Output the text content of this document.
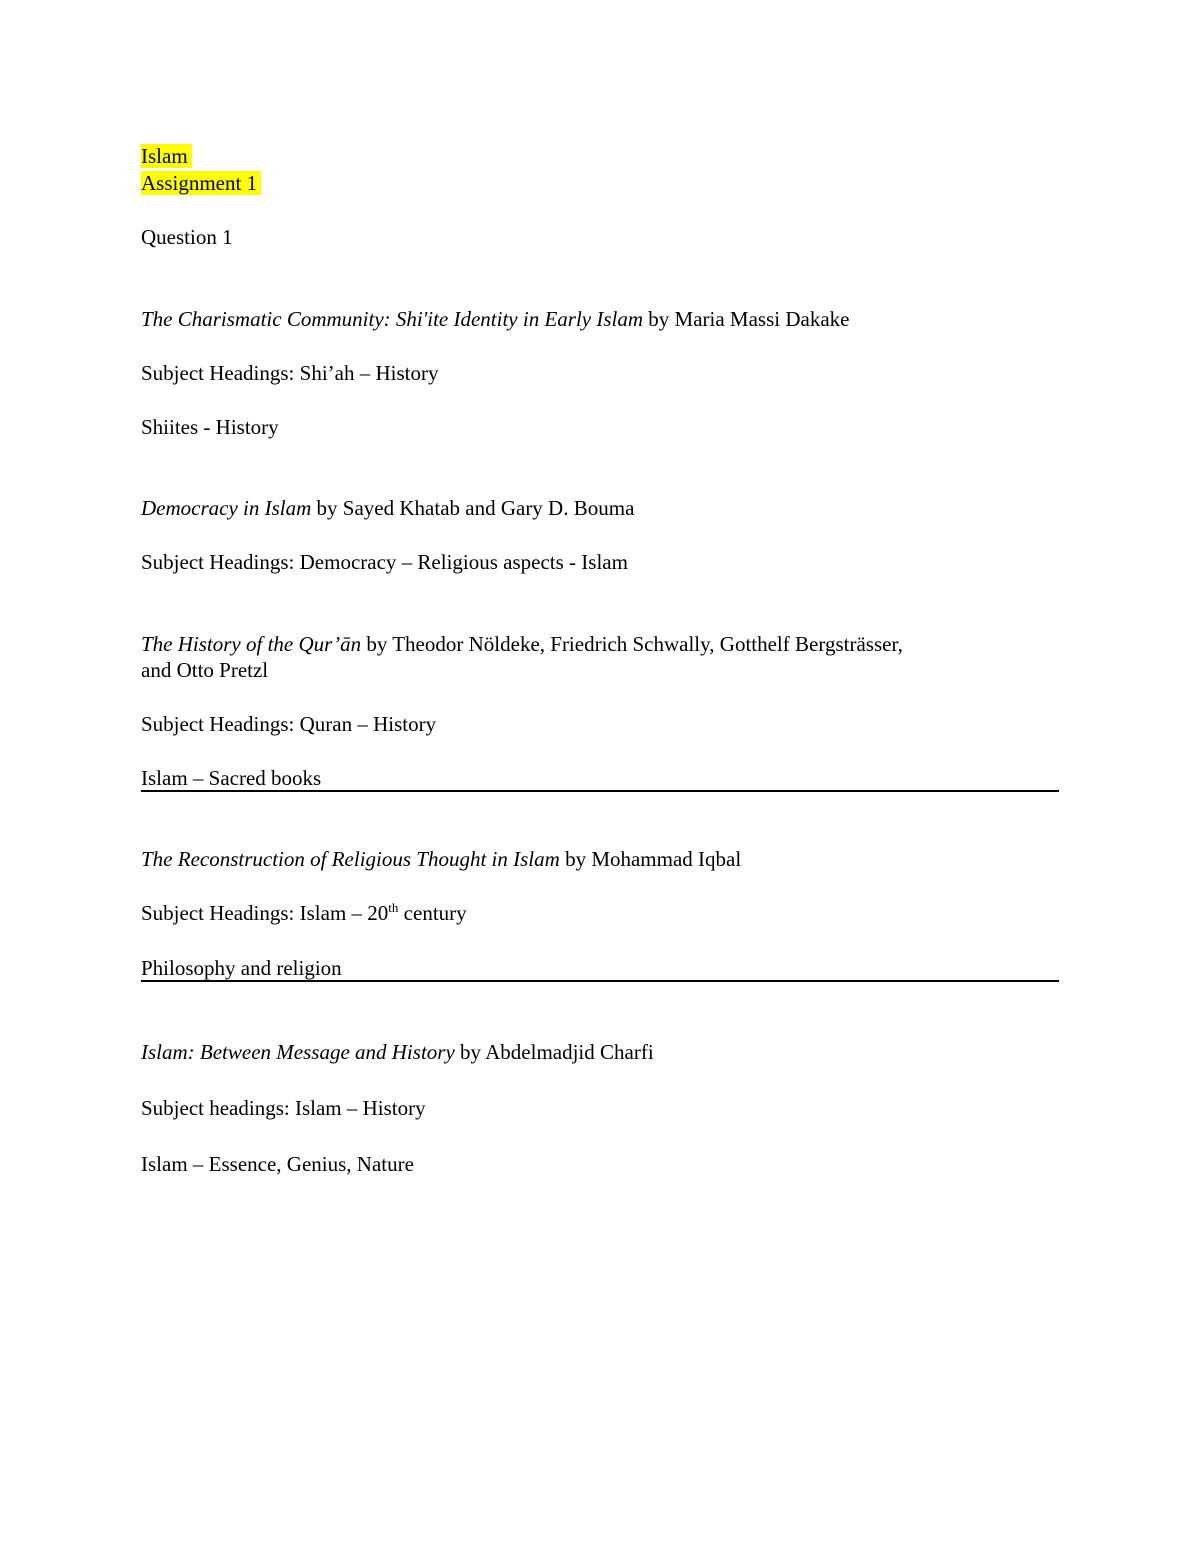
Islam
Assignment 1
Question 1
The Charismatic Community: Shi'ite Identity in Early Islam by Maria Massi Dakake
Subject Headings: Shi’ah – History
Shiites - History
Democracy in Islam by Sayed Khatab and Gary D. Bouma
Subject Headings: Democracy – Religious aspects - Islam
The History of the Qur’ān by Theodor Nöldeke, Friedrich Schwally, Gotthelf Bergsträsser,
and Otto Pretzl
Subject Headings: Quran – History
Islam – Sacred books
The Reconstruction of Religious Thought in Islam by Mohammad Iqbal
Subject Headings: Islam – 20th century
Philosophy and religion
Islam: Between Message and History by Abdelmadjid Charfi
Subject headings: Islam – History
Islam – Essence, Genius, Nature
